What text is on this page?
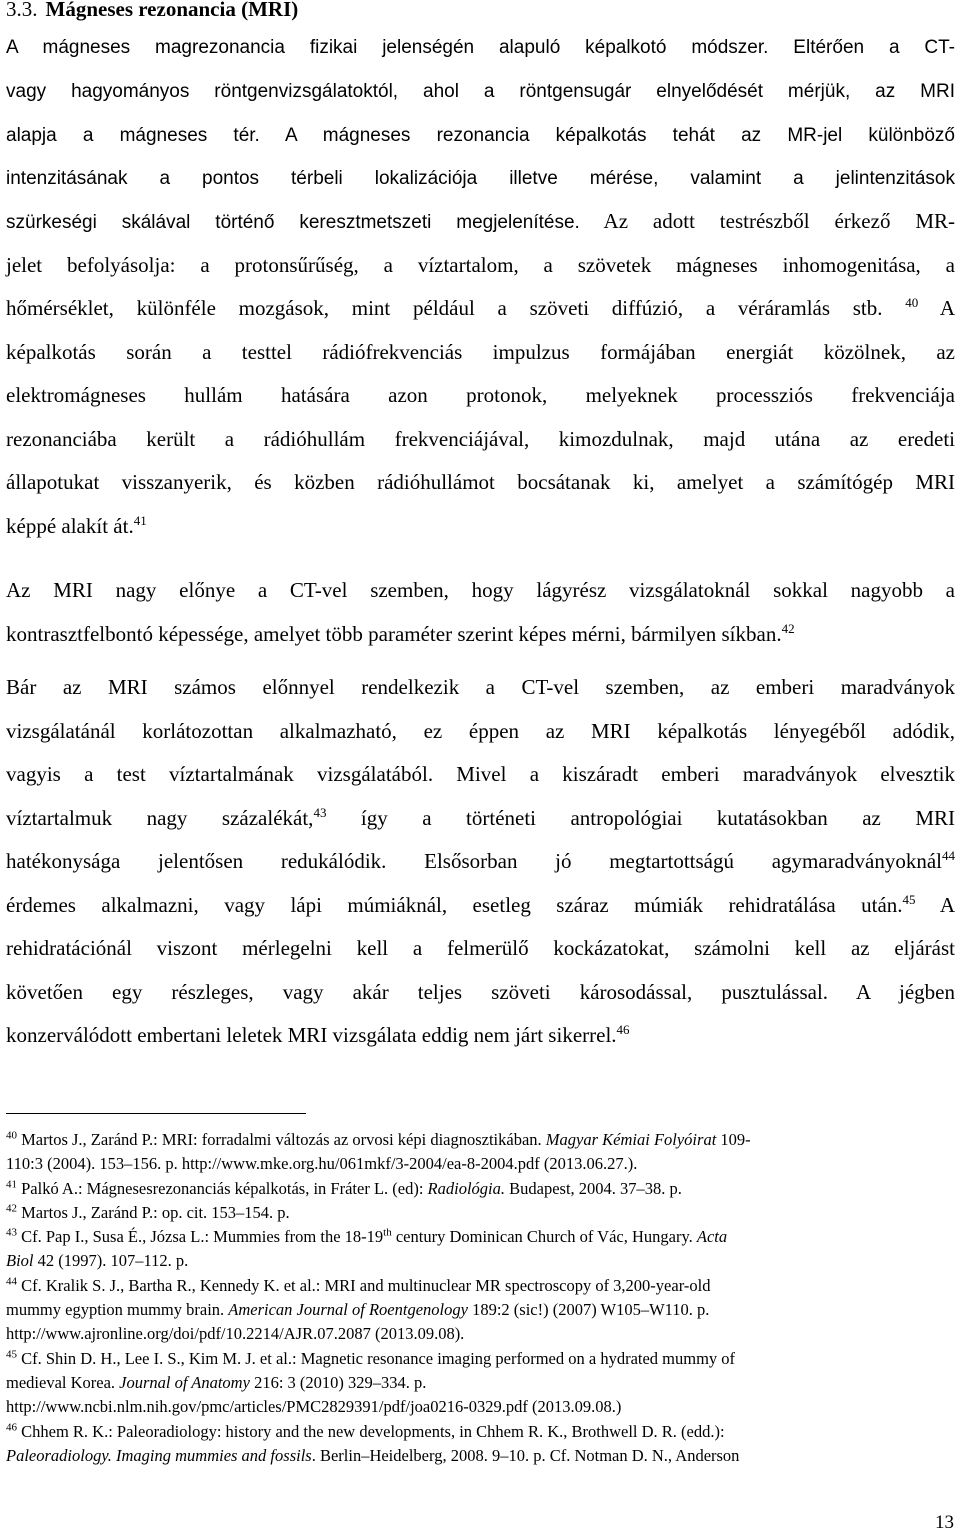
3.3. Mágneses rezonancia (MRI)
A mágneses magrezonancia fizikai jelenségén alapuló képalkotó módszer. Eltérően a CT-
vagy hagyományos röntgenvizsgálatoktól, ahol a röntgensugár elnyelődését mérjük, az MRI
alapja a mágneses tér. A mágneses rezonancia képalkotás tehát az MR-jel különböző
intenzitásának a pontos térbeli lokalizációja illetve mérése, valamint a jelintenzitások
szürkeségi skálával történő keresztmetszeti megjelenítése. Az adott testrészből érkező MR-
jelet befolyásolja: a protonsűrűség, a víztartalom, a szövetek mágneses inhomogenitása, a
hőmérséklet, különféle mozgások, mint például a szöveti diffúzió, a véráramlás stb. $^{40}$ A
képalkotás során a testtel rádiófrekvenciás impulzus formájában energiát közölnek, az
elektromágneses hullám hatására azon protonok, melyeknek processziós frekvenciája
rezonanciába került a rádióhullám frekvenciájával, kimozdulnak, majd utána az eredeti
állapotukat visszanyerik, és közben rádióhullámot bocsátanak ki, amelyet a számítógép MRI
képpé alakít át.$^{41}$
Az MRI nagy előnye a CT-vel szemben, hogy lágyrész vizsgálatoknál sokkal nagyobb a
kontrasztfelbontó képessége, amelyet több paraméter szerint képes mérni, bármilyen síkban.$^{42}$
Bár az MRI számos előnnyel rendelkezik a CT-vel szemben, az emberi maradványok
vizsgálatánál korlátozottan alkalmazható, ez éppen az MRI képalkotás lényegéből adódik,
vagyis a test víztartalmának vizsgálatából. Mivel a kiszáradt emberi maradványok elvesztik
víztartalmuk nagy százalékát,$^{43}$ így a történeti antropológiai kutatásokban az MRI
hatékonysága jelentősen redukálódik. Elsősorban jó megtartottságú agymaradványoknál$^{44}$
érdemes alkalmazni, vagy lápi múmiáknál, esetleg száraz múmiák rehidratálása után.$^{45}$ A
rehidratációnál viszont mérlegelni kell a felmerülő kockázatokat, számolni kell az eljárást
követően egy részleges, vagy akár teljes szöveti károsodással, pusztulással. A jégben
konzerválódott embertani leletek MRI vizsgálata eddig nem járt sikerrel.$^{46}$
$^{40}$ Martos J., Zaránd P.: MRI: forradalmi változás az orvosi képi diagnosztikában. Magyar Kémiai Folyóirat 109-
110:3 (2004). 153–156. p. http://www.mke.org.hu/061mkf/3-2004/ea-8-2004.pdf (2013.06.27.).
$^{41}$ Palkó A.: Mágnesesrezonanciás képalkotás, in Fráter L. (ed): Radiológia. Budapest, 2004. 37–38. p.
$^{42}$ Martos J., Zaránd P.: op. cit. 153–154. p.
$^{43}$ Cf. Pap I., Susa É., Józsa L.: Mummies from the 18-19th century Dominican Church of Vác, Hungary. Acta
Biol 42 (1997). 107–112. p.
$^{44}$ Cf. Kralik S. J., Bartha R., Kennedy K. et al.: MRI and multinuclear MR spectroscopy of 3,200-year-old
mummy egyption mummy brain. American Journal of Roentgenology 189:2 (sic!) (2007) W105–W110. p.
http://www.ajronline.org/doi/pdf/10.2214/AJR.07.2087 (2013.09.08).
$^{45}$ Cf. Shin D. H., Lee I. S., Kim M. J. et al.: Magnetic resonance imaging performed on a hydrated mummy of
medieval Korea. Journal of Anatomy 216: 3 (2010) 329–334. p.
http://www.ncbi.nlm.nih.gov/pmc/articles/PMC2829391/pdf/joa0216-0329.pdf (2013.09.08.)
$^{46}$ Chhem R. K.: Paleoradiology: history and the new developments, in Chhem R. K., Brothwell D. R. (edd.):
Paleoradiology. Imaging mummies and fossils. Berlin–Heidelberg, 2008. 9–10. p. Cf. Notman D. N., Anderson
13
